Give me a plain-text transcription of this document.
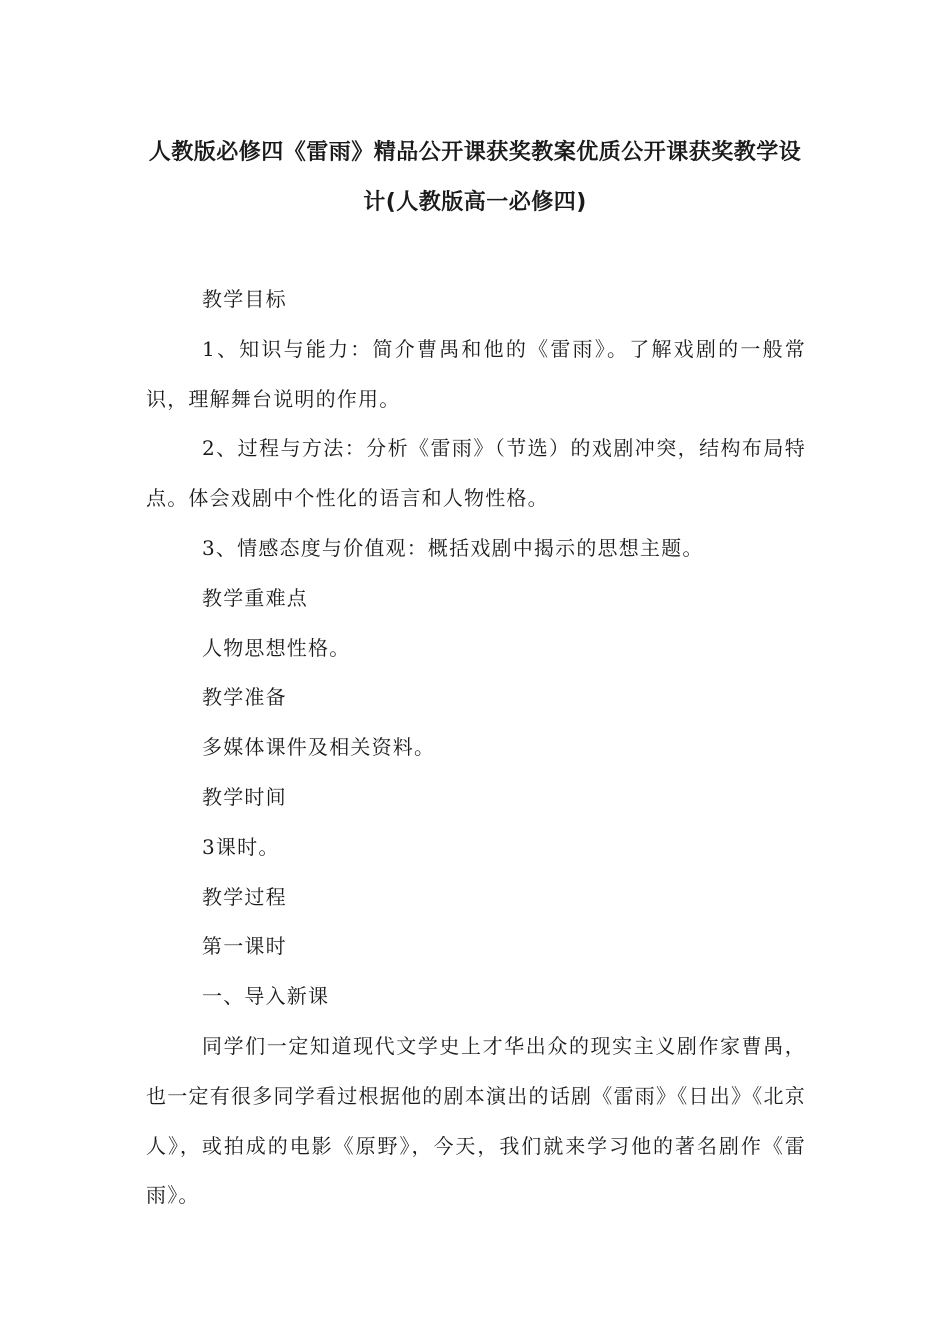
人教版必修四《雷雨》精品公开课获奖教案优质公开课获奖教学设
计(人教版高一必修四)

教学目标

1、知识与能力：简介曹禺和他的《雷雨》。了解戏剧的一般常识，理解舞台说明的作用。

2、过程与方法：分析《雷雨》（节选）的戏剧冲突，结构布局特点。体会戏剧中个性化的语言和人物性格。

3、情感态度与价值观：概括戏剧中揭示的思想主题。

教学重难点

人物思想性格。

教学准备

多媒体课件及相关资料。

教学时间

3课时。

教学过程

第一课时

一、导入新课

同学们一定知道现代文学史上才华出众的现实主义剧作家曹禺，也一定有很多同学看过根据他的剧本演出的话剧《雷雨》《日出》《北京人》，或拍成的电影《原野》，今天，我们就来学习他的著名剧作《雷雨》。
